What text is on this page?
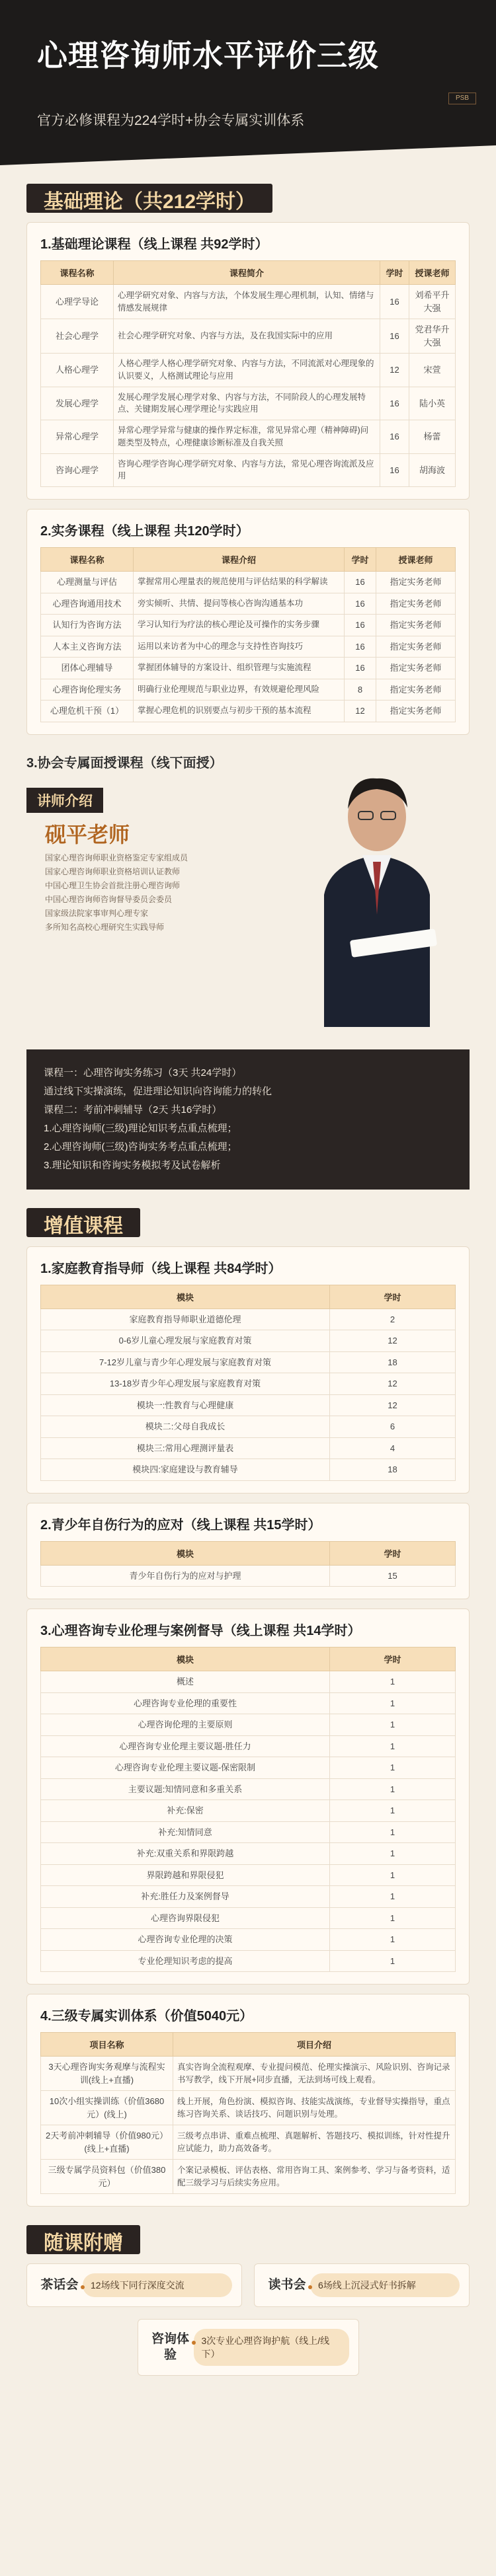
心理咨询师水平评价三级
官方必修课程为224学时+协会专属实训体系
PSB
基础理论（共212学时）
1.基础理论课程（线上课程 共92学时）
课程名称	课程简介	学时	授课老师
心理学导论	心理学研究对象、内容与方法，个体发展生理心理机制，认知、情绪与情感发展规律	16	刘希平升大强
社会心理学	社会心理学研究对象、内容与方法，及在我国实际中的应用	16	党君华升大强
人格心理学	人格心理学人格心理学研究对象、内容与方法，不同流派对心理现象的认识要义，人格测试理论与应用	12	宋萱
发展心理学	发展心理学发展心理学对象、内容与方法，不同阶段人的心理发展特点、关键期发展心理学理论与实践应用	16	陆小英
异常心理学	异常心理学异常与健康的操作界定标准，常见异常心理（精神障碍)问题类型及特点，心理健康诊断标准及自我关照	16	杨蕾
咨询心理学	咨询心理学咨询心理学研究对象、内容与方法，常见心理咨询流派及应用	16	胡海波
2.实务课程（线上课程 共120学时）
课程名称	课程介绍	学时	授课老师
心理测量与评估	掌握常用心理量表的规范使用与评估结果的科学解读	16	指定实务老师
心理咨询通用技术	旁实倾听、共情、提问等核心咨询沟通基本功	16	指定实务老师
认知行为咨询方法	学习认知行为疗法的核心理论及可操作的实务步骤	16	指定实务老师
人本主义咨询方法	运用以来访者为中心的理念与支持性咨询技巧	16	指定实务老师
团体心理辅导	掌握团体辅导的方案设计、组织管理与实施流程	16	指定实务老师
心理咨询伦理实务	明确行业伦理规范与职业边界，有效规避伦理风险	8	指定实务老师
心理危机干预（1）	掌握心理危机的识别要点与初步干预的基本流程	12	指定实务老师
3.协会专属面授课程（线下面授）
讲师介绍
砚平老师
国家心理咨询师职业资格鉴定专家组成员
国家心理咨询师职业资格培训认证教师
中国心理卫生协会首批注册心理咨询师
中国心理咨询师咨询督导委员会委员
国家级法院家事审判心理专家
多所知名高校心理研究生实践导师
课程一：心理咨询实务练习（3天 共24学时）
通过线下实操演练，促进理论知识向咨询能力的转化
课程二：考前冲刺辅导（2天 共16学时）
1.心理咨询师(三级)理论知识考点重点梳理；
2.心理咨询师(三级)咨询实务考点重点梳理；
3.理论知识和咨询实务模拟考及试卷解析
增值课程
1.家庭教育指导师（线上课程 共84学时）
模块	学时
家庭教育指导师职业道德伦理	2
0-6岁儿童心理发展与家庭教育对策	12
7-12岁儿童与青少年心理发展与家庭教育对策	18
13-18岁青少年心理发展与家庭教育对策	12
模块一:性教育与心理健康	12
模块二:父母自我成长	6
模块三:常用心理测评量表	4
模块四:家庭建设与教育辅导	18
2.青少年自伤行为的应对（线上课程 共15学时）
模块	学时
青少年自伤行为的应对与护理	15
3.心理咨询专业伦理与案例督导（线上课程 共14学时）
模块	学时
概述	1
心理咨询专业伦理的重要性	1
心理咨询伦理的主要原则	1
心理咨询专业伦理主要议题-胜任力	1
心理咨询专业伦理主要议题-保密限制	1
主要议题:知情同意和多重关系	1
补充:保密	1
补充:知情同意	1
补充:双重关系和界限跨越	1
界限跨越和界限侵犯	1
补充:胜任力及案例督导	1
心理咨询界限侵犯	1
心理咨询专业伦理的决策	1
专业伦理知识考虑的提高	1
4.三级专属实训体系（价值5040元）
项目名称	项目介绍
3天心理咨询实务观摩与流程实训(线上+直播)	真实咨询全流程观摩、专业提问模范、伦理实操演示、风险识别、咨询记录书写教学，线下开展+同步直播，无法到场可线上观看。
10次小组实操训练（价值3680元）(线上)	线上开展，角色扮演、模拟咨询、技能实战演练，专业督导实操指导，重点练习咨询关系、谈话技巧、问题识别与处理。
2天考前冲刺辅导（价值980元）(线上+直播)	三级考点串讲、重难点梳理、真题解析、答题技巧、模拟训练，针对性提升应试能力，助力高效备考。
三级专属学员资料包（价值380元）	个案记录模板、评估表格、常用咨询工具、案例参考、学习与备考资料，适配三级学习与后续实务应用。
随课附赠
茶话会	12场线下同行深度交流	读书会	6场线上沉浸式好书拆解
咨询体验
3次专业心理咨询护航（线上/线下）
